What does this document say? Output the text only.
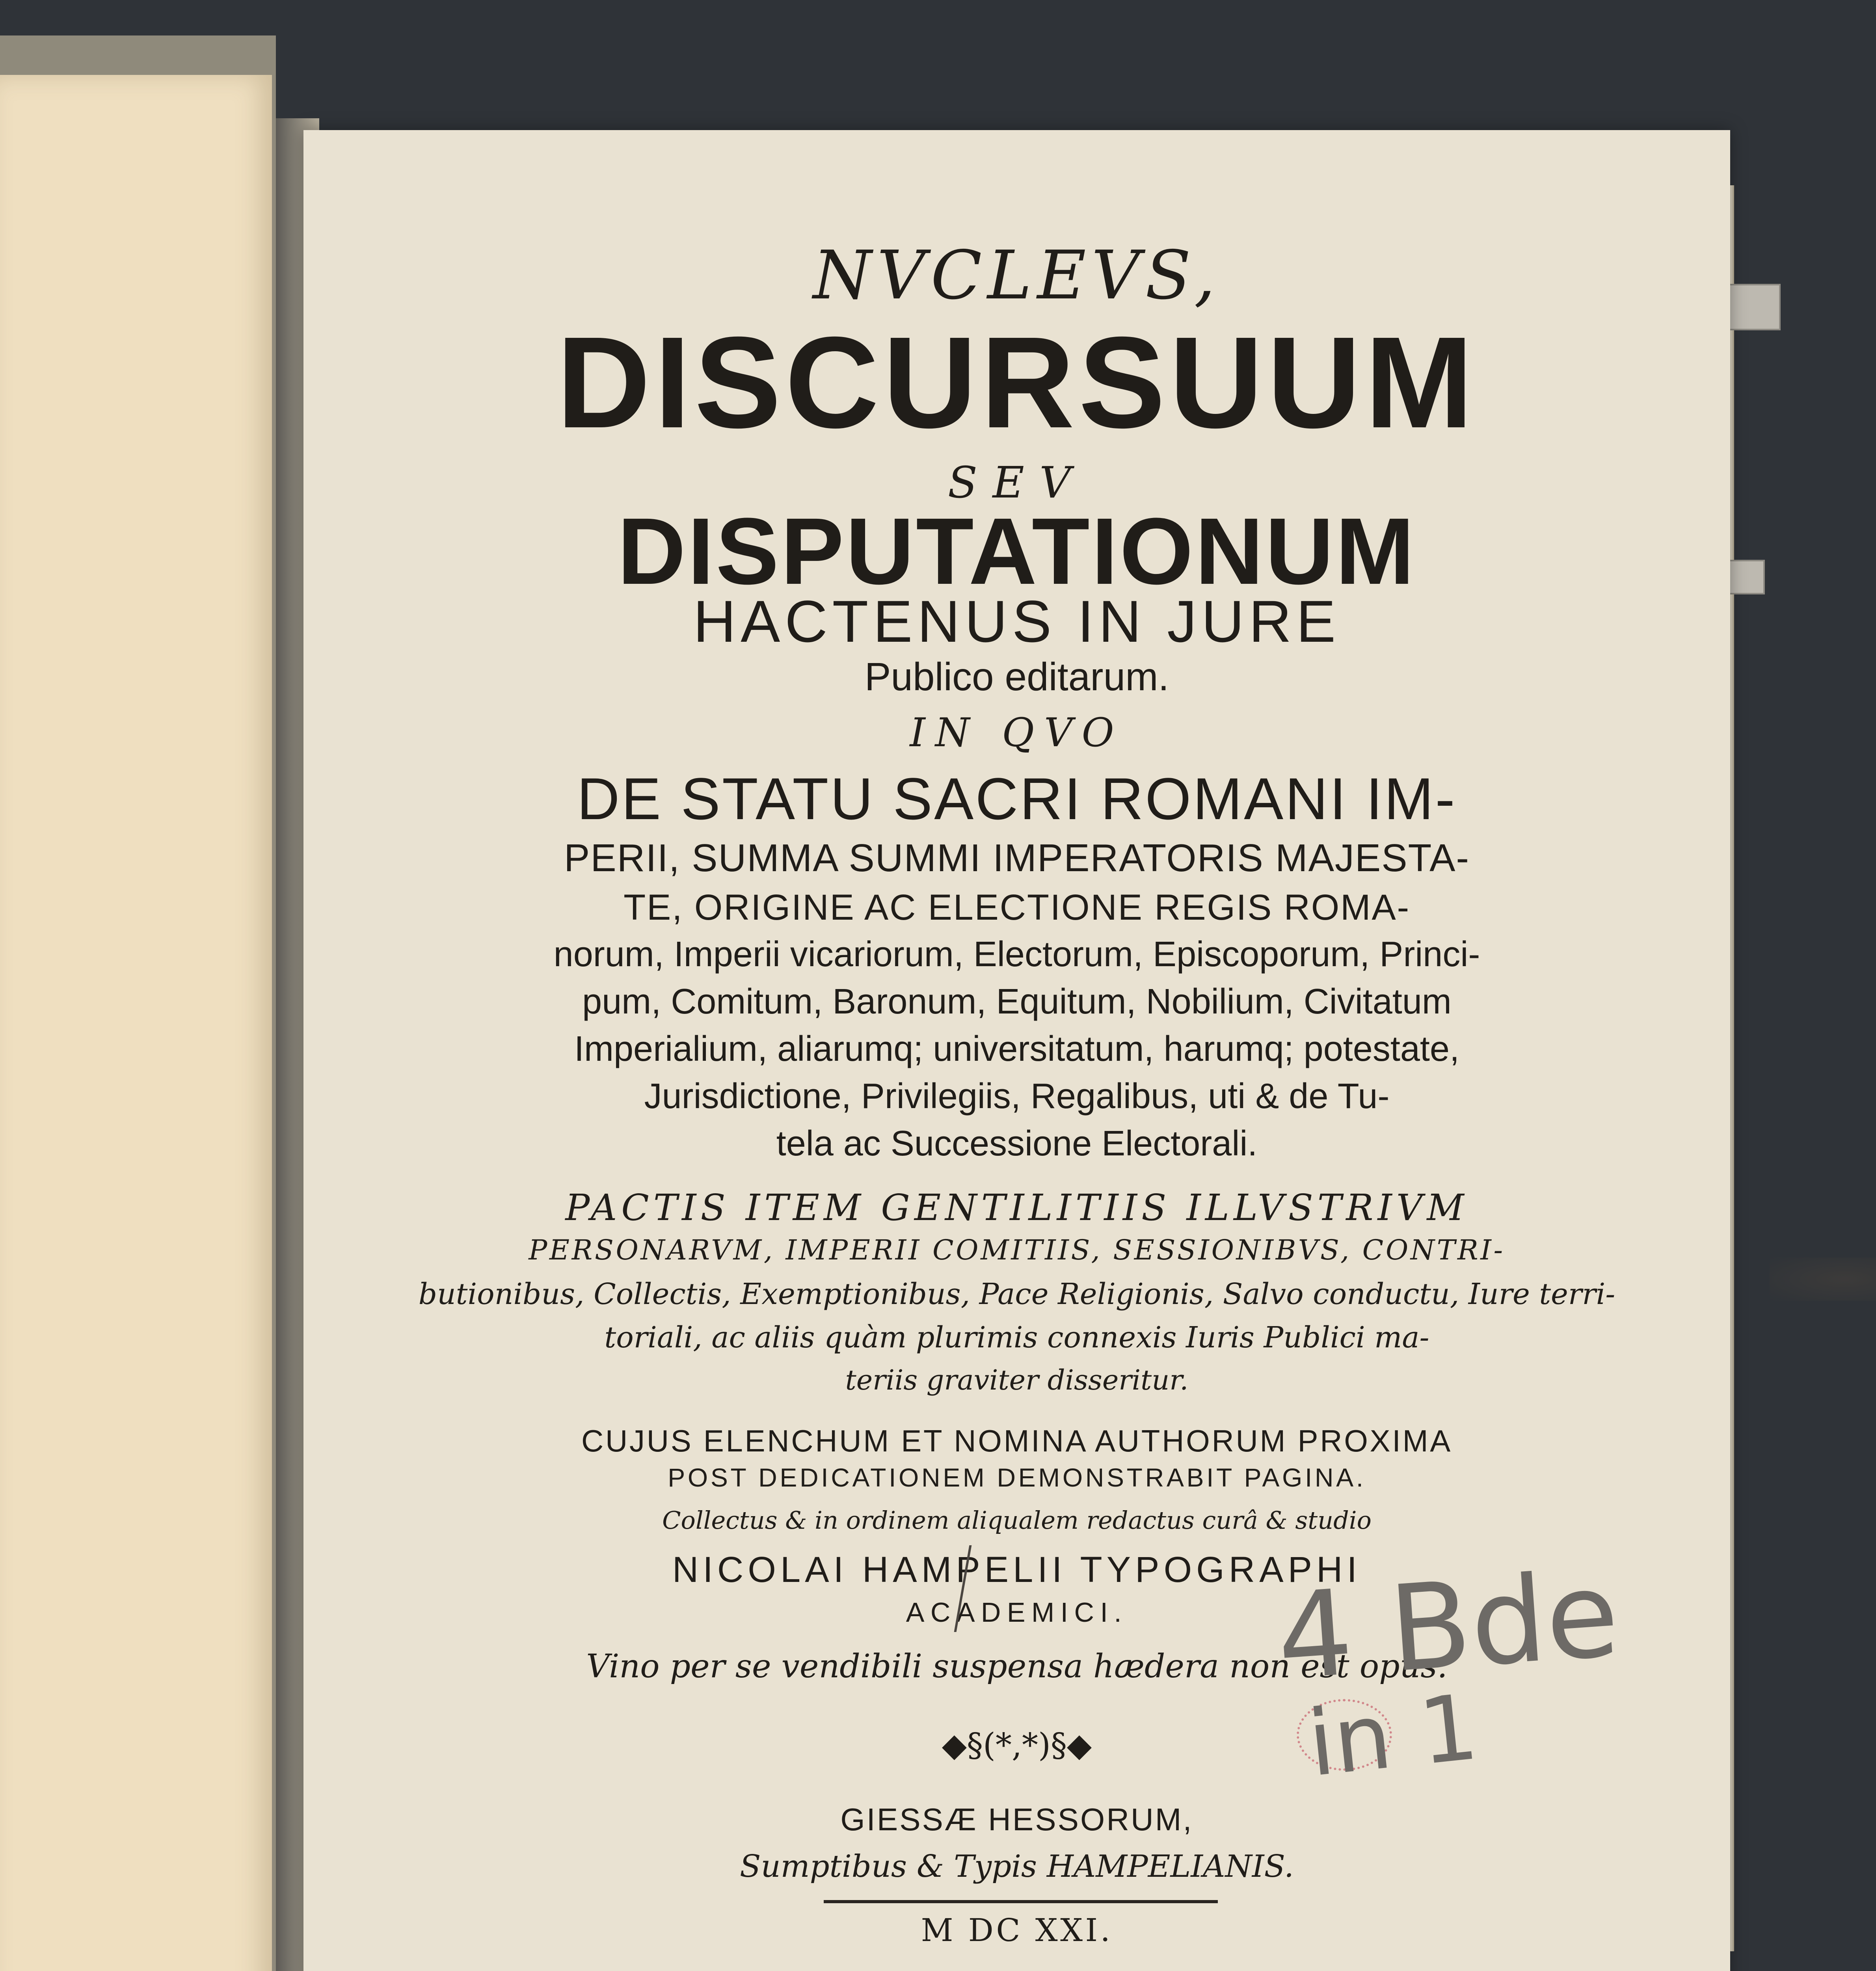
NVCLEVS,
DISCURSUUM
SEV
DISPUTATIONUM
HACTENUS IN JURE
Publico editarum.
IN QVO
DE STATU SACRI ROMANI IM-
PERII, SUMMA SUMMI IMPERATORIS MAJESTA-
TE, ORIGINE AC ELECTIONE REGIS ROMA-
norum, Imperii vicariorum, Electorum, Episcoporum, Princi-
pum, Comitum, Baronum, Equitum, Nobilium, Civitatum
Imperialium, aliarumq; universitatum, harumq; potestate,
Jurisdictione, Privilegiis, Regalibus, uti & de Tu-
tela ac Successione Electorali.
PACTIS ITEM GENTILITIIS ILLVSTRIVM
PERSONARVM, IMPERII COMITIIS, SESSIONIBVS, CONTRI-
butionibus, Collectis, Exemptionibus, Pace Religionis, Salvo conductu, Iure terri-
toriali, ac aliis quàm plurimis connexis Iuris Publici ma-
teriis graviter disseritur.
CUJUS ELENCHUM ET NOMINA AUTHORUM PROXIMA
POST DEDICATIONEM DEMONSTRABIT PAGINA.
Collectus & in ordinem aliqualem redactus curâ & studio
NICOLAI HAMPELII TYPOGRAPHI
ACADEMICI.
Vino per se vendibili suspensa hædera non est opus.
◆§(*,*)§◆
GIESSÆ HESSORUM,
Sumptibus & Typis HAMPELIANIS.
M DC XXI.
4 Bde
in 1
